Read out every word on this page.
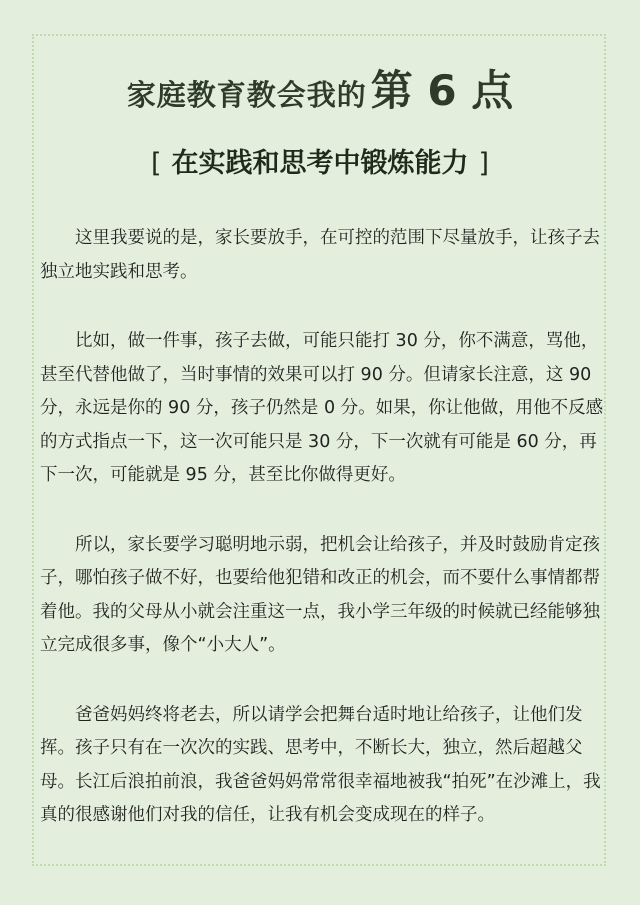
家庭教育教会我的第 6 点
[ 在实践和思考中锻炼能力 ]

这里我要说的是，家长要放手，在可控的范围下尽量放手，让孩子去独立地实践和思考。

比如，做一件事，孩子去做，可能只能打 30 分，你不满意，骂他，甚至代替他做了，当时事情的效果可以打 90 分。但请家长注意，这 90 分，永远是你的 90 分，孩子仍然是 0 分。如果，你让他做，用他不反感的方式指点一下，这一次可能只是 30 分，下一次就有可能是 60 分，再下一次，可能就是 95 分，甚至比你做得更好。

所以，家长要学习聪明地示弱，把机会让给孩子，并及时鼓励肯定孩子，哪怕孩子做不好，也要给他犯错和改正的机会，而不要什么事情都帮着他。我的父母从小就会注重这一点，我小学三年级的时候就已经能够独立完成很多事，像个“小大人”。

爸爸妈妈终将老去，所以请学会把舞台适时地让给孩子，让他们发挥。孩子只有在一次次的实践、思考中，不断长大，独立，然后超越父母。长江后浪拍前浪，我爸爸妈妈常常很幸福地被我“拍死”在沙滩上，我真的很感谢他们对我的信任，让我有机会变成现在的样子。
